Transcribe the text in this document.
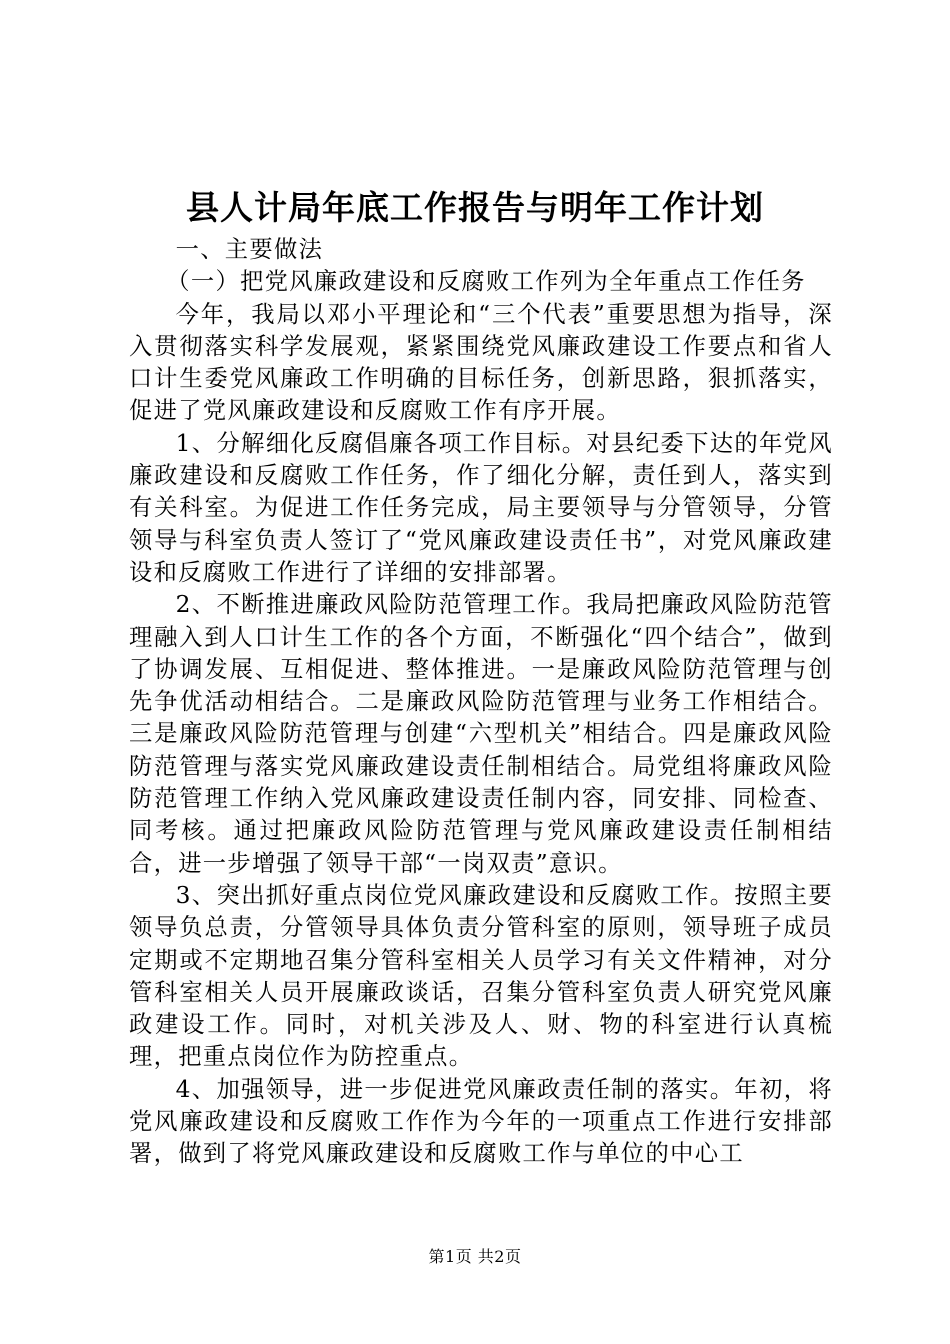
县人计局年底工作报告与明年工作计划

一、主要做法

（一）把党风廉政建设和反腐败工作列为全年重点工作任务

今年，我局以邓小平理论和“三个代表”重要思想为指导，深入贯彻落实科学发展观，紧紧围绕党风廉政建设工作要点和省人口计生委党风廉政工作明确的目标任务，创新思路，狠抓落实，促进了党风廉政建设和反腐败工作有序开展。

1、分解细化反腐倡廉各项工作目标。对县纪委下达的年党风廉政建设和反腐败工作任务，作了细化分解，责任到人，落实到有关科室。为促进工作任务完成，局主要领导与分管领导，分管领导与科室负责人签订了“党风廉政建设责任书”，对党风廉政建设和反腐败工作进行了详细的安排部署。

2、不断推进廉政风险防范管理工作。我局把廉政风险防范管理融入到人口计生工作的各个方面，不断强化“四个结合”，做到了协调发展、互相促进、整体推进。一是廉政风险防范管理与创先争优活动相结合。二是廉政风险防范管理与业务工作相结合。三是廉政风险防范管理与创建“六型机关”相结合。四是廉政风险防范管理与落实党风廉政建设责任制相结合。局党组将廉政风险防范管理工作纳入党风廉政建设责任制内容，同安排、同检查、同考核。通过把廉政风险防范管理与党风廉政建设责任制相结合，进一步增强了领导干部“一岗双责”意识。

3、突出抓好重点岗位党风廉政建设和反腐败工作。按照主要领导负总责，分管领导具体负责分管科室的原则，领导班子成员定期或不定期地召集分管科室相关人员学习有关文件精神，对分管科室相关人员开展廉政谈话，召集分管科室负责人研究党风廉政建设工作。同时，对机关涉及人、财、物的科室进行认真梳理，把重点岗位作为防控重点。

4、加强领导，进一步促进党风廉政责任制的落实。年初，将党风廉政建设和反腐败工作作为今年的一项重点工作进行安排部署，做到了将党风廉政建设和反腐败工作与单位的中心工

第1页 共2页
